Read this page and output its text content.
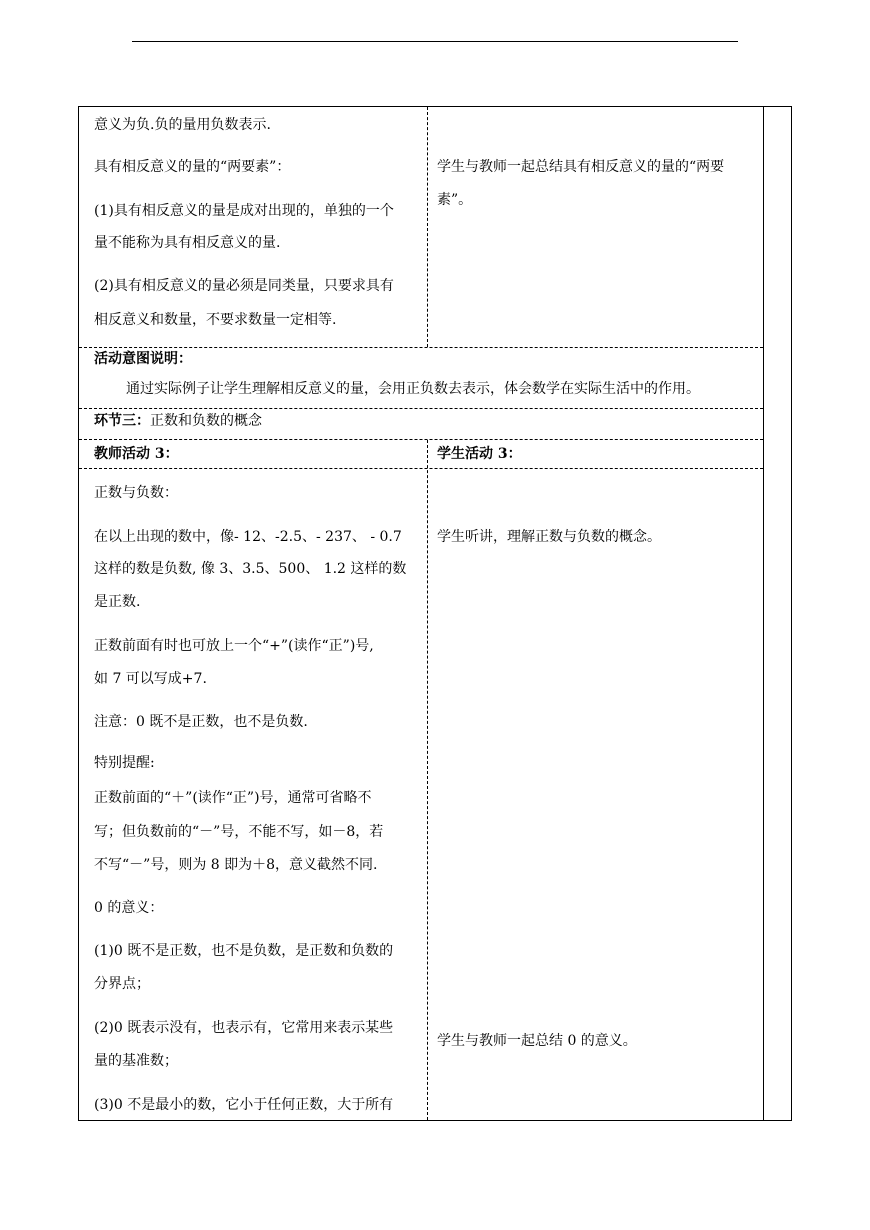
意义为负.负的量用负数表示.
具有相反意义的量的“两要素”：
(1)具有相反意义的量是成对出现的，单独的一个
量不能称为具有相反意义的量.
(2)具有相反意义的量必须是同类量，只要求具有
相反意义和数量，不要求数量一定相等.
学生与教师一起总结具有相反意义的量的“两要
素”。
活动意图说明：
通过实际例子让学生理解相反意义的量，会用正负数去表示，体会数学在实际生活中的作用。
环节三：正数和负数的概念
教师活动 3：	学生活动 3：
正数与负数：
在以上出现的数中，像- 12、-2.5、- 237、 - 0.7
这样的数是负数, 像 3、3.5、500、 1.2 这样的数
是正数.
正数前面有时也可放上一个“+”(读作“正”)号,
如 7 可以写成+7.
注意：0 既不是正数，也不是负数.
特别提醒:
正数前面的“＋”(读作“正”)号，通常可省略不
写；但负数前的“－”号，不能不写，如－8，若
不写“－”号，则为 8 即为＋8，意义截然不同.
0 的意义：
(1)0 既不是正数，也不是负数，是正数和负数的
分界点；
(2)0 既表示没有，也表示有，它常用来表示某些
量的基准数；
(3)0 不是最小的数，它小于任何正数，大于所有
学生听讲，理解正数与负数的概念。
学生与教师一起总结 0 的意义。
